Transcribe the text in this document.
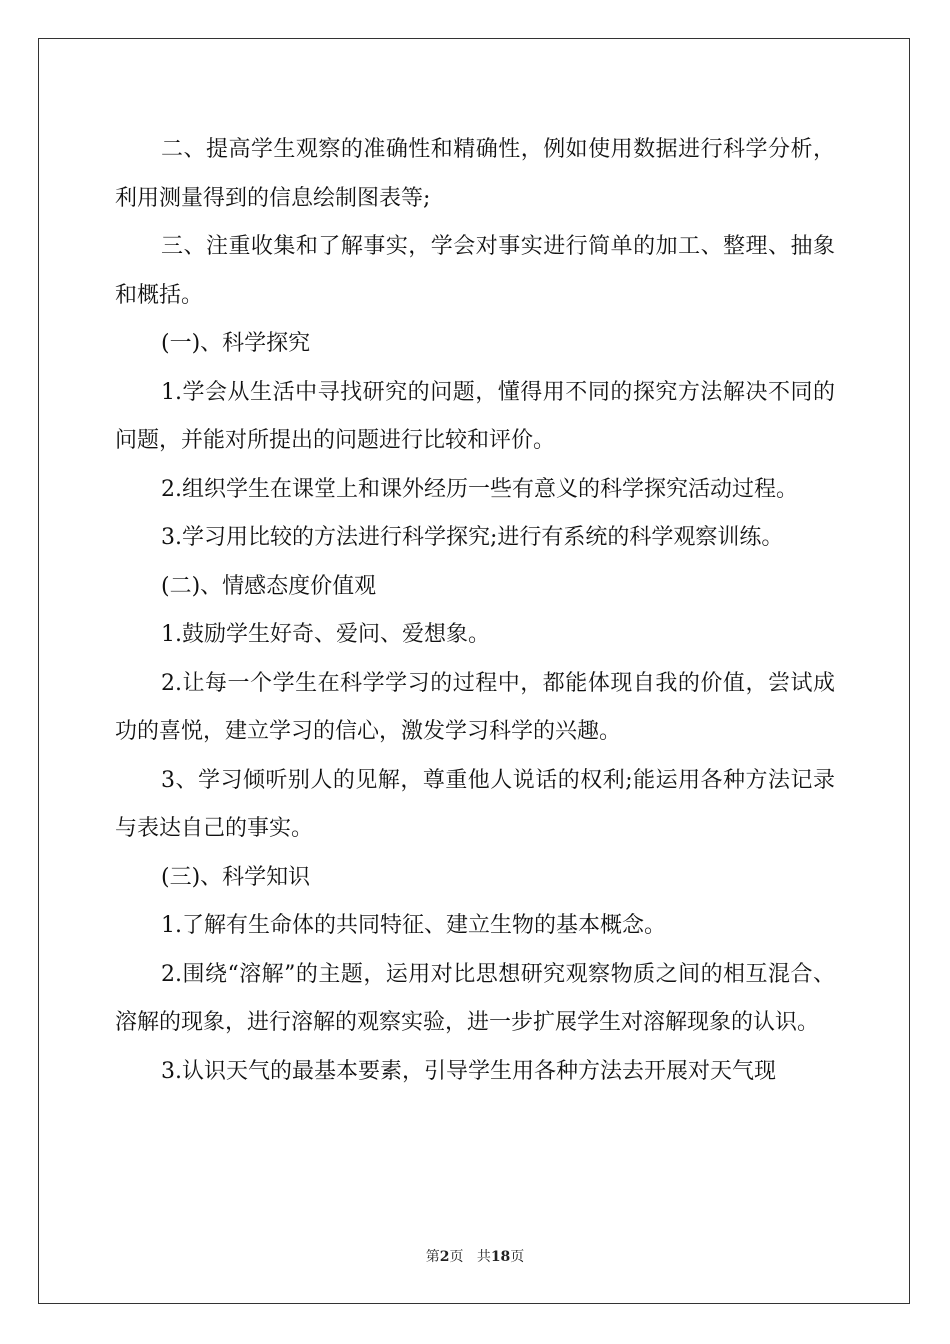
二、提高学生观察的准确性和精确性，例如使用数据进行科学分析，利用测量得到的信息绘制图表等;

三、注重收集和了解事实，学会对事实进行简单的加工、整理、抽象和概括。

(一)、科学探究

1.学会从生活中寻找研究的问题，懂得用不同的探究方法解决不同的问题，并能对所提出的问题进行比较和评价。

2.组织学生在课堂上和课外经历一些有意义的科学探究活动过程。

3.学习用比较的方法进行科学探究;进行有系统的科学观察训练。

(二)、情感态度价值观

1.鼓励学生好奇、爱问、爱想象。

2.让每一个学生在科学学习的过程中，都能体现自我的价值，尝试成功的喜悦，建立学习的信心，激发学习科学的兴趣。

3、学习倾听别人的见解，尊重他人说话的权利;能运用各种方法记录与表达自己的事实。

(三)、科学知识

1.了解有生命体的共同特征、建立生物的基本概念。

2.围绕“溶解”的主题，运用对比思想研究观察物质之间的相互混合、溶解的现象，进行溶解的观察实验，进一步扩展学生对溶解现象的认识。

3.认识天气的最基本要素，引导学生用各种方法去开展对天气现

第2页 共18页
